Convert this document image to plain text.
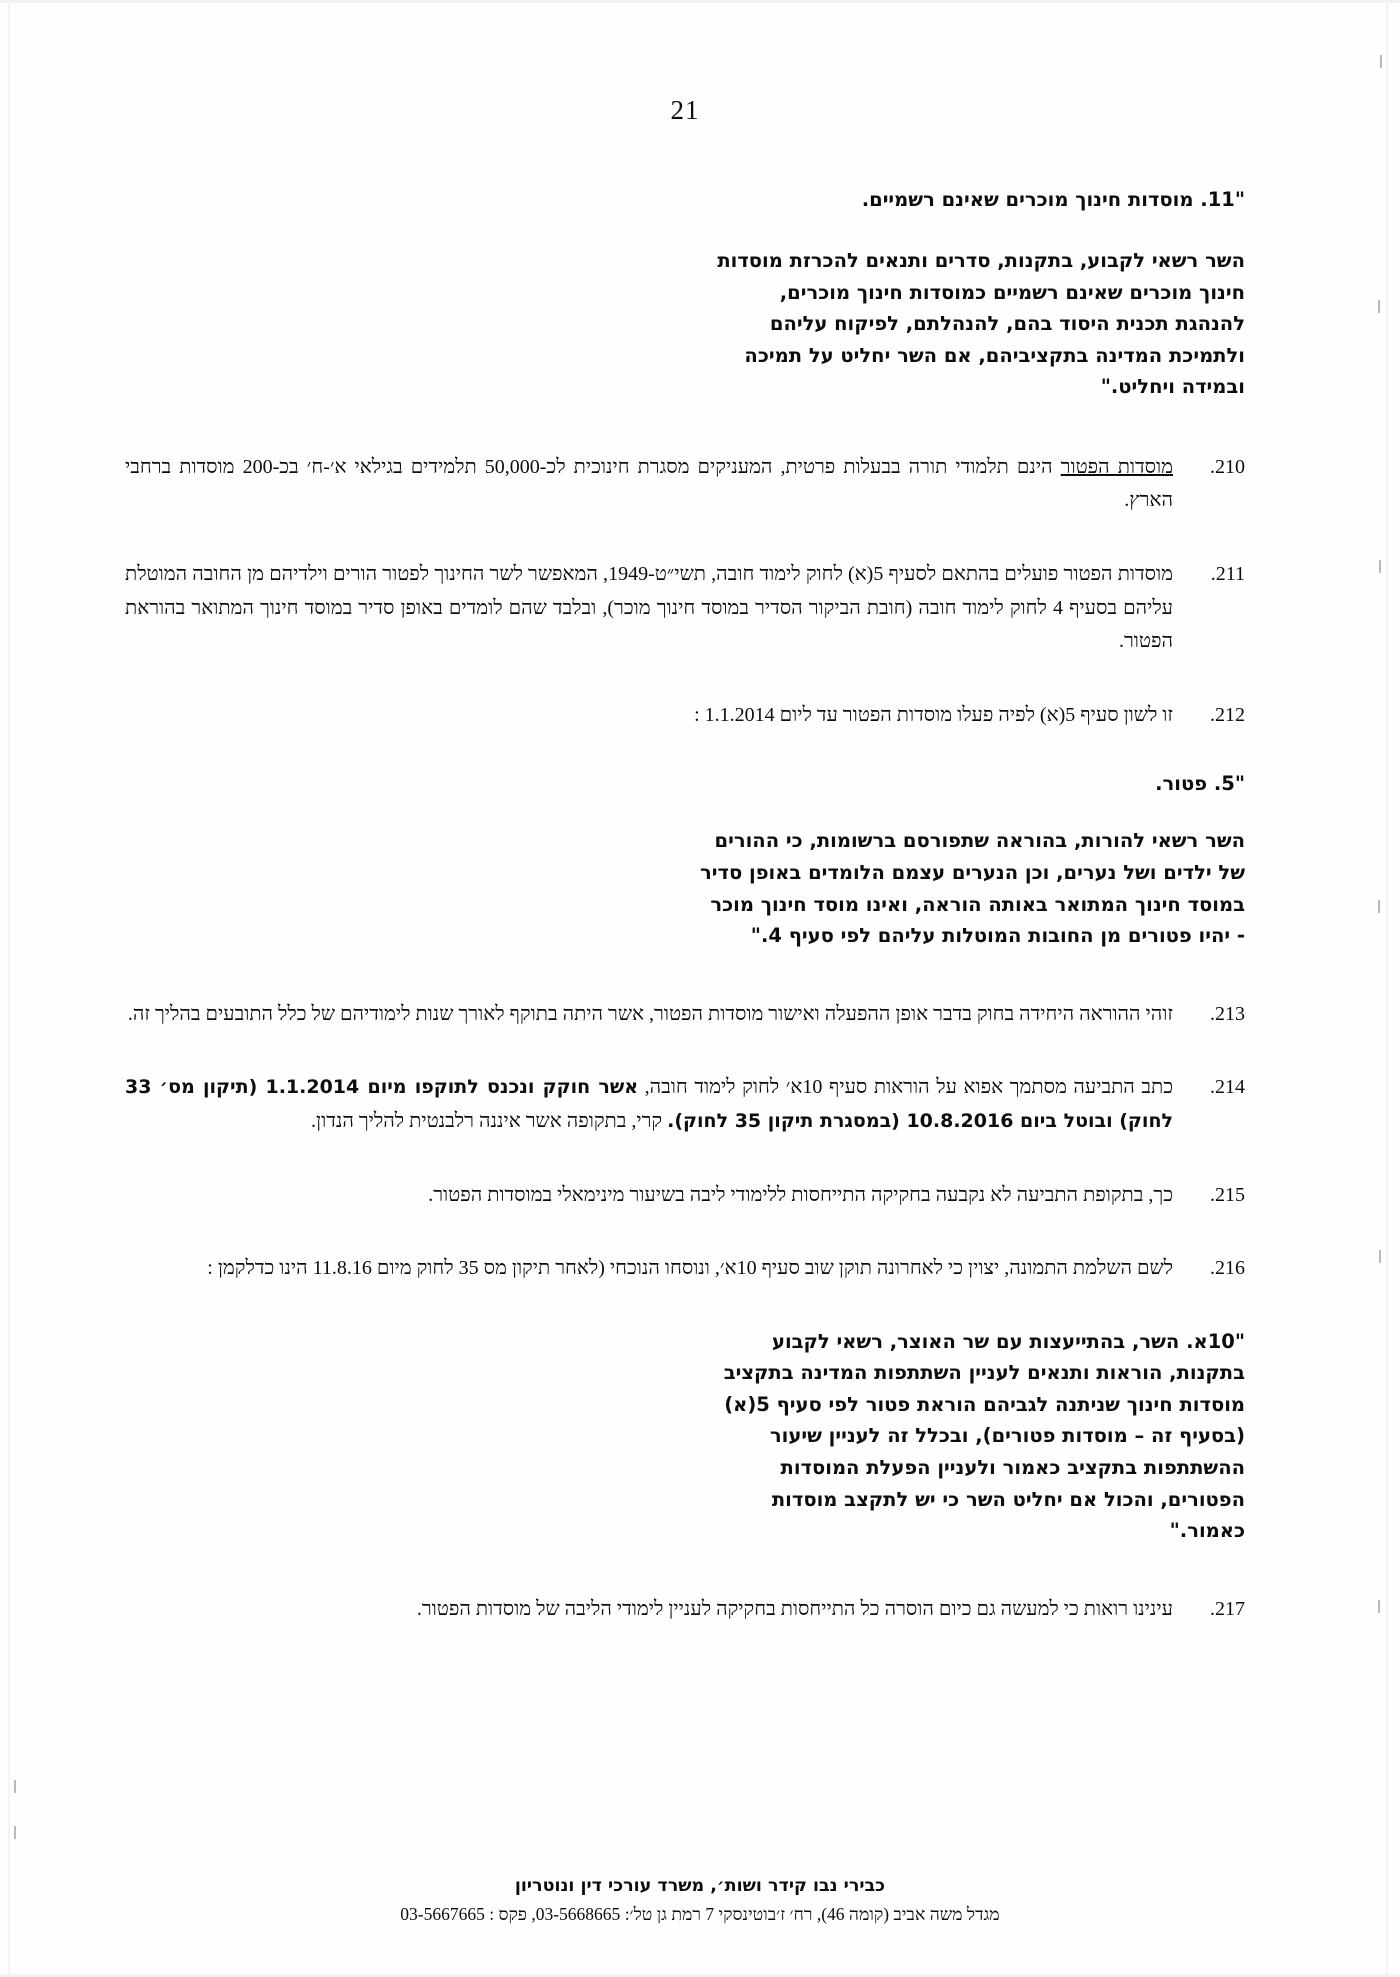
21
"11. מוסדות חינוך מוכרים שאינם רשמיים.
השר רשאי לקבוע, בתקנות, סדרים ותנאים להכרזת מוסדות
חינוך מוכרים שאינם רשמיים כמוסדות חינוך מוכרים,
להנהגת תכנית היסוד בהם, להנהלתם, לפיקוח עליהם
ולתמיכת המדינה בתקציביהם, אם השר יחליט על תמיכה
ובמידה ויחליט."
210.
מוסדות הפטור הינם תלמודי תורה בבעלות פרטית, המעניקים מסגרת חינוכית לכ-50,000 תלמידים בגילאי א׳-ח׳ בכ-200 מוסדות ברחבי הארץ.
211.
מוסדות הפטור פועלים בהתאם לסעיף 5(א) לחוק לימוד חובה, תשי״ט-1949, המאפשר לשר החינוך לפטור הורים וילדיהם מן החובה המוטלת עליהם בסעיף 4 לחוק לימוד חובה (חובת הביקור הסדיר במוסד חינוך מוכר), ובלבד שהם לומדים באופן סדיר במוסד חינוך המתואר בהוראת הפטור.
212.
זו לשון סעיף 5(א) לפיה פעלו מוסדות הפטור עד ליום 1.1.2014 :
"5. פטור.
השר רשאי להורות, בהוראה שתפורסם ברשומות, כי ההורים
של ילדים ושל נערים, וכן הנערים עצמם הלומדים באופן סדיר
במוסד חינוך המתואר באותה הוראה, ואינו מוסד חינוך מוכר
- יהיו פטורים מן החובות המוטלות עליהם לפי סעיף 4."
213.
זוהי ההוראה היחידה בחוק בדבר אופן ההפעלה ואישור מוסדות הפטור, אשר היתה בתוקף לאורך שנות לימודיהם של כלל התובעים בהליך זה.
214.
כתב התביעה מסתמך אפוא על הוראות סעיף 10א׳ לחוק לימוד חובה, אשר חוקק ונכנס לתוקפו מיום 1.1.2014 (תיקון מס׳ 33 לחוק) ובוטל ביום 10.8.2016 (במסגרת תיקון 35 לחוק). קרי, בתקופה אשר איננה רלבנטית להליך הנדון.
215.
כך, בתקופת התביעה לא נקבעה בחקיקה התייחסות ללימודי ליבה בשיעור מינימאלי במוסדות הפטור.
216.
לשם השלמת התמונה, יצוין כי לאחרונה תוקן שוב סעיף 10א׳, ונוסחו הנוכחי (לאחר תיקון מס 35 לחוק מיום 11.8.16 הינו כדלקמן :
"10א. השר, בהתייעצות עם שר האוצר, רשאי לקבוע
בתקנות, הוראות ותנאים לעניין השתתפות המדינה בתקציב
מוסדות חינוך שניתנה לגביהם הוראת פטור לפי סעיף 5(א)
(בסעיף זה – מוסדות פטורים), ובכלל זה לעניין שיעור
ההשתתפות בתקציב כאמור ולעניין הפעלת המוסדות
הפטורים, והכול אם יחליט השר כי יש לתקצב מוסדות
כאמור."
217.
עינינו רואות כי למעשה גם כיום הוסרה כל התייחסות בחקיקה לעניין לימודי הליבה של מוסדות הפטור.
כבירי נבו קידר ושות׳, משרד עורכי דין ונוטריון
מגדל משה אביב (קומה 46), רח׳ ז׳בוטינסקי 7 רמת גן טל׳: 03-5668665, פקס : 03-5667665
